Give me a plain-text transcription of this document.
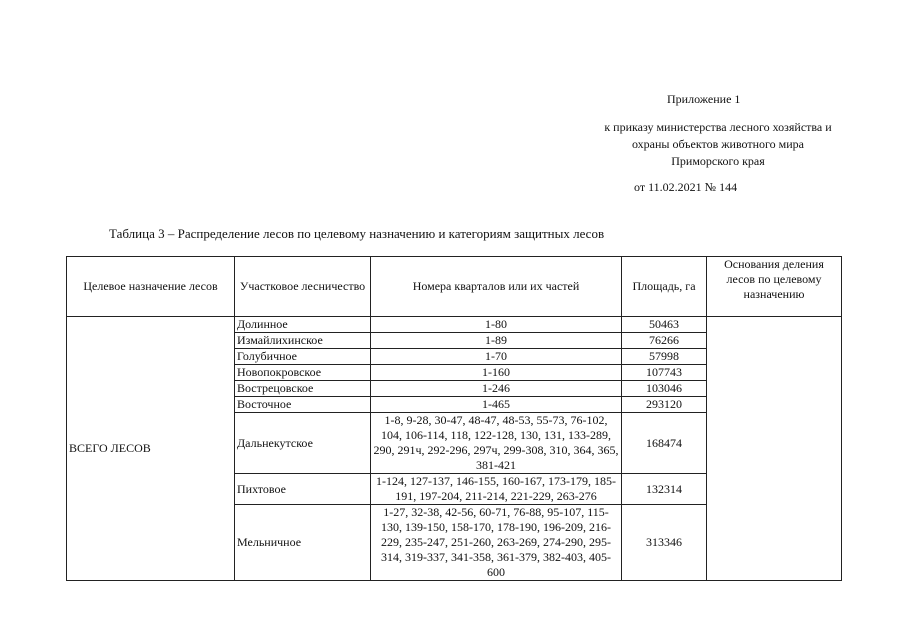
Приложение 1
к приказу министерства лесного хозяйства и
охраны объектов животного мира
Приморского края
от 11.02.2021 № 144
Таблица 3 – Распределение лесов по целевому назначению и категориям защитных лесов
Целевое назначение лесов	Участковое лесничество	Номера кварталов или их частей	Площадь, га	Основания деления лесов по целевому назначению
ВСЕГО ЛЕСОВ	Долинное	1-80	50463	
	Измайлихинское	1-89	76266	
	Голубичное	1-70	57998	
	Новопокровское	1-160	107743	
	Вострецовское	1-246	103046	
	Восточное	1-465	293120	
	Дальнекутское	1-8, 9-28, 30-47, 48-47, 48-53, 55-73, 76-102, 104, 106-114, 118, 122-128, 130, 131, 133-289, 290, 291ч, 292-296, 297ч, 299-308, 310, 364, 365, 381-421	168474	
	Пихтовое	1-124, 127-137, 146-155, 160-167, 173-179, 185-191, 197-204, 211-214, 221-229, 263-276	132314	
	Мельничное	1-27, 32-38, 42-56, 60-71, 76-88, 95-107, 115-130, 139-150, 158-170, 178-190, 196-209, 216-229, 235-247, 251-260, 263-269, 274-290, 295-314, 319-337, 341-358, 361-379, 382-403, 405-600	313346	
